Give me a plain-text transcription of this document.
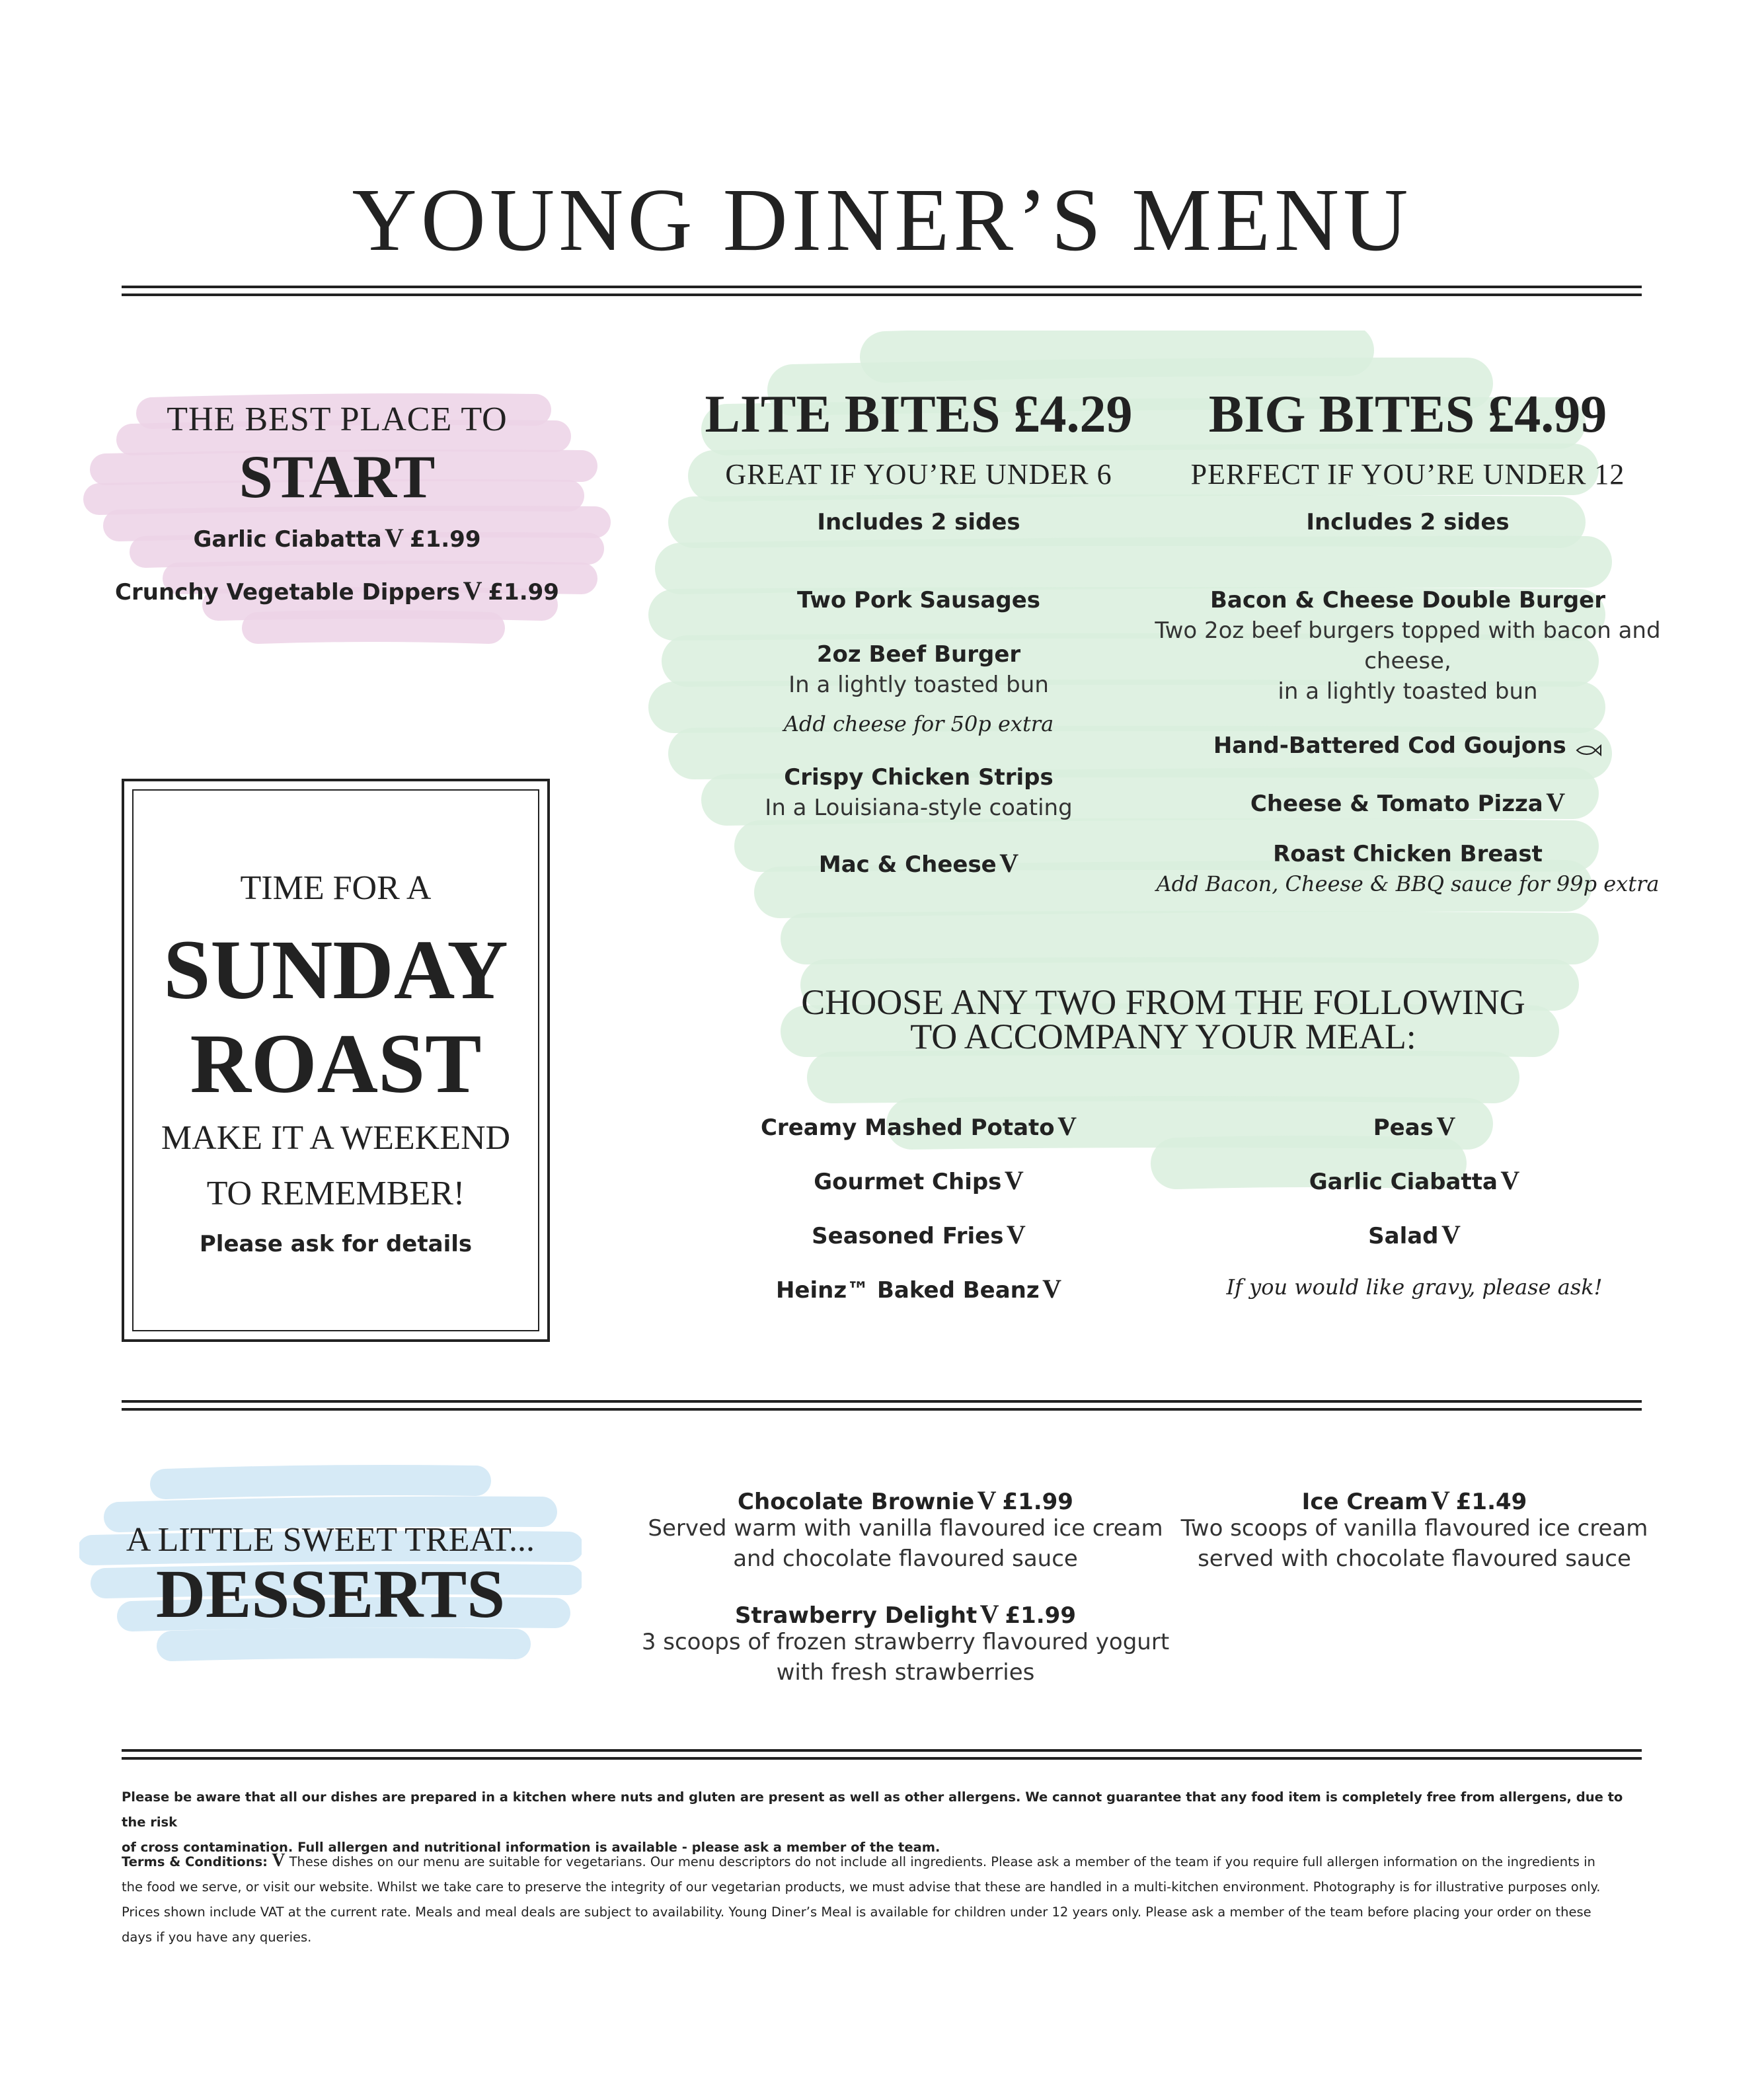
YOUNG DINER’S MENU
THE BEST PLACE TO
START
Garlic Ciabatta V £1.99
Crunchy Vegetable Dippers V £1.99
TIME FOR A
SUNDAY
ROAST
MAKE IT A WEEKEND
TO REMEMBER!
Please ask for details
LITE BITES £4.29
GREAT IF YOU’RE UNDER 6
Includes 2 sides
Two Pork Sausages
2oz Beef Burger
In a lightly toasted bun
Add cheese for 50p extra
Crispy Chicken Strips
In a Louisiana-style coating
Mac & Cheese V
BIG BITES £4.99
PERFECT IF YOU’RE UNDER 12
Includes 2 sides
Bacon & Cheese Double Burger
Two 2oz beef burgers topped with bacon and
cheese,
in a lightly toasted bun
Hand-Battered Cod Goujons
Cheese & Tomato Pizza V
Roast Chicken Breast
Add Bacon, Cheese & BBQ sauce for 99p extra
CHOOSE ANY TWO FROM THE FOLLOWING
TO ACCOMPANY YOUR MEAL:
Creamy Mashed Potato V
Gourmet Chips V
Seasoned Fries V
Heinz™ Baked Beanz V
Peas V
Garlic Ciabatta V
Salad V
If you would like gravy, please ask!
A LITTLE SWEET TREAT...
DESSERTS
Chocolate Brownie V £1.99
Served warm with vanilla flavoured ice cream
and chocolate flavoured sauce
Strawberry Delight V £1.99
3 scoops of frozen strawberry flavoured yogurt
with fresh strawberries
Ice Cream V £1.49
Two scoops of vanilla flavoured ice cream
served with chocolate flavoured sauce
Please be aware that all our dishes are prepared in a kitchen where nuts and gluten are present as well as other allergens. We cannot guarantee that any food item is completely free from allergens, due to the risk
of cross contamination. Full allergen and nutritional information is available - please ask a member of the team.
Terms & Conditions: V These dishes on our menu are suitable for vegetarians. Our menu descriptors do not include all ingredients. Please ask a member of the team if you require full allergen information on the ingredients in
the food we serve, or visit our website. Whilst we take care to preserve the integrity of our vegetarian products, we must advise that these are handled in a multi-kitchen environment. Photography is for illustrative purposes only.
Prices shown include VAT at the current rate. Meals and meal deals are subject to availability. Young Diner’s Meal is available for children under 12 years only. Please ask a member of the team before placing your order on these
days if you have any queries.
